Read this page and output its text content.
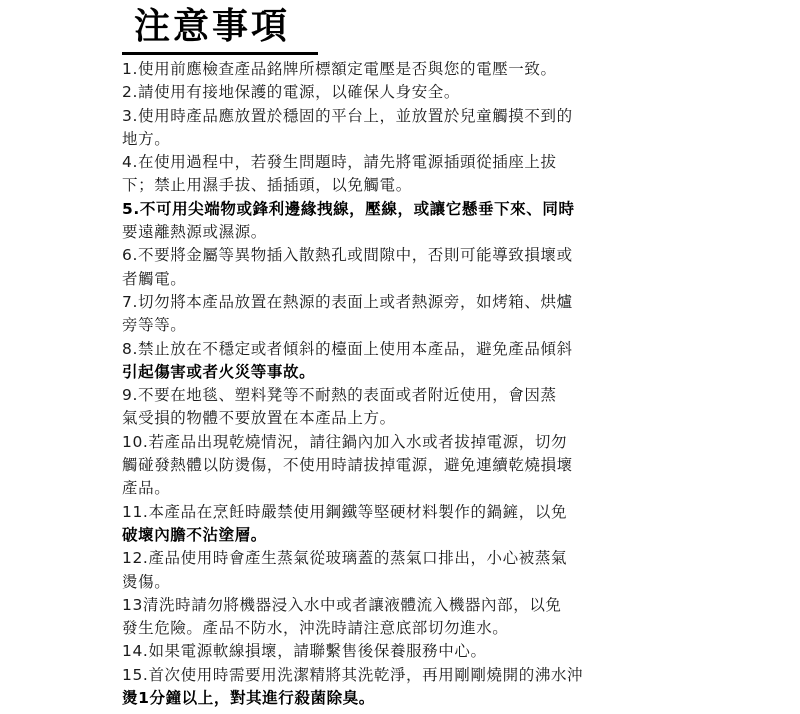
注意事項
1.使用前應檢查產品銘牌所標額定電壓是否與您的電壓一致。
2.請使用有接地保護的電源，以確保人身安全。
3.使用時產品應放置於穩固的平台上，並放置於兒童觸摸不到的
地方。
4.在使用過程中，若發生問題時，請先將電源插頭從插座上拔
下；禁止用濕手拔、插插頭，以免觸電。
5.不可用尖端物或鋒利邊緣拽線，壓線，或讓它懸垂下來、同時
要遠離熱源或濕源。
6.不要將金屬等異物插入散熱孔或間隙中，否則可能導致損壞或
者觸電。
7.切勿將本產品放置在熱源的表面上或者熱源旁，如烤箱、烘爐
旁等等。
8.禁止放在不穩定或者傾斜的檯面上使用本產品，避免產品傾斜
引起傷害或者火災等事故。
9.不要在地毯、塑料凳等不耐熱的表面或者附近使用，會因蒸
氣受損的物體不要放置在本產品上方。
10.若產品出現乾燒情況，請往鍋內加入水或者拔掉電源，切勿
觸碰發熱體以防燙傷，不使用時請拔掉電源，避免連續乾燒損壞
產品。
11.本產品在烹飪時嚴禁使用鋼鐵等堅硬材料製作的鍋鏟，以免
破壞內膽不沾塗層。
12.產品使用時會產生蒸氣從玻璃蓋的蒸氣口排出，小心被蒸氣
燙傷。
13清洗時請勿將機器浸入水中或者讓液體流入機器內部，以免
發生危險。產品不防水，沖洗時請注意底部切勿進水。
14.如果電源軟線損壞，請聯繫售後保養服務中心。
15.首次使用時需要用洗潔精將其洗乾淨，再用剛剛燒開的沸水沖
燙1分鐘以上，對其進行殺菌除臭。
